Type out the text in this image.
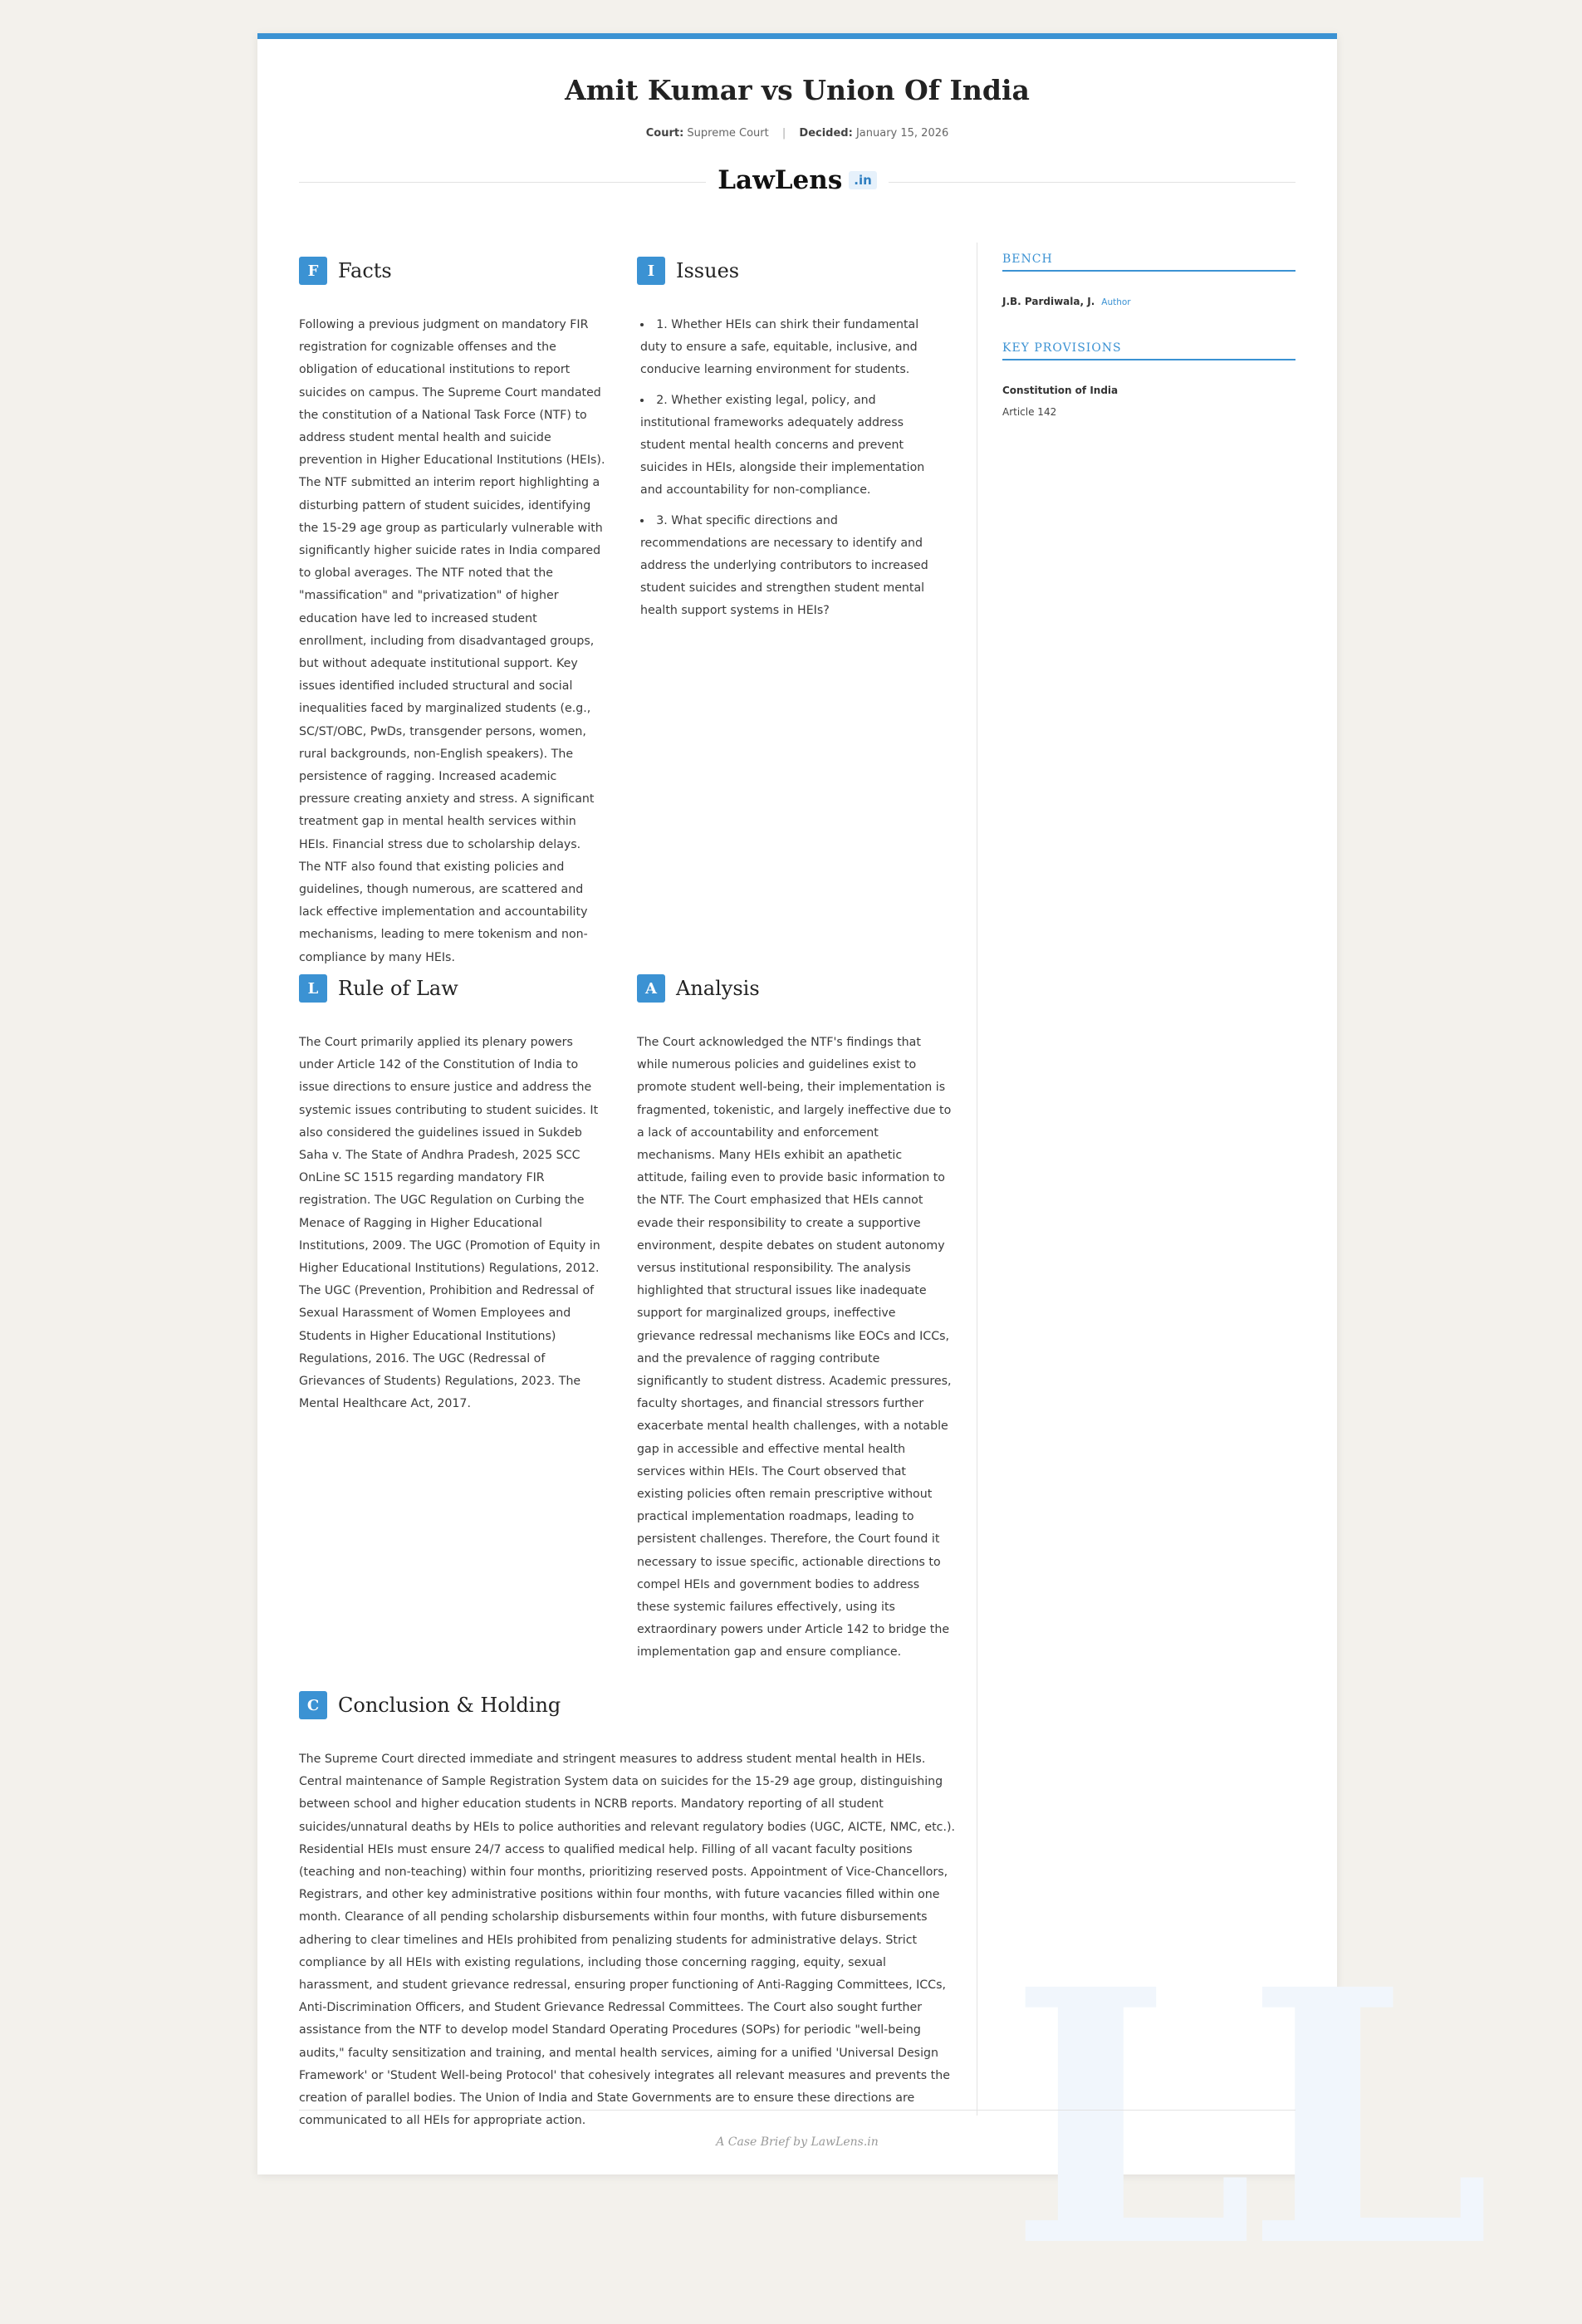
LL
Amit Kumar vs Union Of India
Court: Supreme Court | Decided: January 15, 2026
LawLens .in
F Facts

Following a previous judgment on mandatory FIR registration for cognizable offenses and the obligation of educational institutions to report suicides on campus. The Supreme Court mandated the constitution of a National Task Force (NTF) to address student mental health and suicide prevention in Higher Educational Institutions (HEIs). The NTF submitted an interim report highlighting a disturbing pattern of student suicides, identifying the 15-29 age group as particularly vulnerable with significantly higher suicide rates in India compared to global averages. The NTF noted that the "massification" and "privatization" of higher education have led to increased student enrollment, including from disadvantaged groups, but without adequate institutional support. Key issues identified included structural and social inequalities faced by marginalized students (e.g., SC/ST/OBC, PwDs, transgender persons, women, rural backgrounds, non-English speakers). The persistence of ragging. Increased academic pressure creating anxiety and stress. A significant treatment gap in mental health services within HEIs. Financial stress due to scholarship delays. The NTF also found that existing policies and guidelines, though numerous, are scattered and lack effective implementation and accountability mechanisms, leading to mere tokenism and non-compliance by many HEIs.

I	Issues
• 1. Whether HEIs can shirk their fundamental duty to ensure a safe, equitable, inclusive, and conducive learning environment for students.
• 2. Whether existing legal, policy, and institutional frameworks adequately address student mental health concerns and prevent suicides in HEIs, alongside their implementation and accountability for non-compliance.
• 3. What specific directions and recommendations are necessary to identify and address the underlying contributors to increased student suicides and strengthen student mental health support systems in HEIs?
L Rule of Law

The Court primarily applied its plenary powers under Article 142 of the Constitution of India to issue directions to ensure justice and address the systemic issues contributing to student suicides. It also considered the guidelines issued in Sukdeb Saha v. The State of Andhra Pradesh, 2025 SCC OnLine SC 1515 regarding mandatory FIR registration. The UGC Regulation on Curbing the Menace of Ragging in Higher Educational Institutions, 2009. The UGC (Promotion of Equity in Higher Educational Institutions) Regulations, 2012. The UGC (Prevention, Prohibition and Redressal of Sexual Harassment of Women Employees and Students in Higher Educational Institutions) Regulations, 2016. The UGC (Redressal of Grievances of Students) Regulations, 2023. The Mental Healthcare Act, 2017.

A Analysis

The Court acknowledged the NTF's findings that while numerous policies and guidelines exist to promote student well-being, their implementation is fragmented, tokenistic, and largely ineffective due to a lack of accountability and enforcement mechanisms. Many HEIs exhibit an apathetic attitude, failing even to provide basic information to the NTF. The Court emphasized that HEIs cannot evade their responsibility to create a supportive environment, despite debates on student autonomy versus institutional responsibility. The analysis highlighted that structural issues like inadequate support for marginalized groups, ineffective grievance redressal mechanisms like EOCs and ICCs, and the prevalence of ragging contribute significantly to student distress. Academic pressures, faculty shortages, and financial stressors further exacerbate mental health challenges, with a notable gap in accessible and effective mental health services within HEIs. The Court observed that existing policies often remain prescriptive without practical implementation roadmaps, leading to persistent challenges. Therefore, the Court found it necessary to issue specific, actionable directions to compel HEIs and government bodies to address these systemic failures effectively, using its extraordinary powers under Article 142 to bridge the implementation gap and ensure compliance.

C Conclusion & Holding

The Supreme Court directed immediate and stringent measures to address student mental health in HEIs. Central maintenance of Sample Registration System data on suicides for the 15-29 age group, distinguishing between school and higher education students in NCRB reports. Mandatory reporting of all student suicides/unnatural deaths by HEIs to police authorities and relevant regulatory bodies (UGC, AICTE, NMC, etc.). Residential HEIs must ensure 24/7 access to qualified medical help. Filling of all vacant faculty positions (teaching and non-teaching) within four months, prioritizing reserved posts. Appointment of Vice-Chancellors, Registrars, and other key administrative positions within four months, with future vacancies filled within one month. Clearance of all pending scholarship disbursements within four months, with future disbursements adhering to clear timelines and HEIs prohibited from penalizing students for administrative delays. Strict compliance by all HEIs with existing regulations, including those concerning ragging, equity, sexual harassment, and student grievance redressal, ensuring proper functioning of Anti-Ragging Committees, ICCs, Anti-Discrimination Officers, and Student Grievance Redressal Committees. The Court also sought further assistance from the NTF to develop model Standard Operating Procedures (SOPs) for periodic "well-being audits," faculty sensitization and training, and mental health services, aiming for a unified 'Universal Design Framework' or 'Student Well-being Protocol' that cohesively integrates all relevant measures and prevents the creation of parallel bodies. The Union of India and State Governments are to ensure these directions are communicated to all HEIs for appropriate action.

BENCH
J.B. Pardiwala, J. Author
KEY PROVISIONS
Constitution of India
Article 142
A Case Brief by LawLens.in
